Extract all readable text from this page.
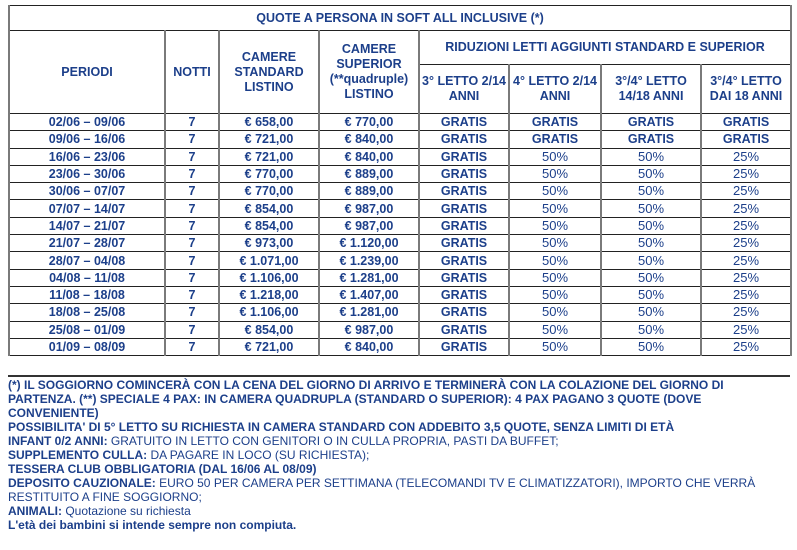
QUOTE A PERSONA IN SOFT ALL INCLUSIVE (*)							
PERIODI	NOTTI	CAMERE STANDARD LISTINO	CAMERE SUPERIOR (**quadruple) LISTINO	RIDUZIONI LETTI AGGIUNTI STANDARD E SUPERIOR			
				3° LETTO 2/14 ANNI	4° LETTO 2/14 ANNI	3°/4° LETTO 14/18 ANNI	3°/4° LETTO DAI 18 ANNI
02/06 – 09/06	7	€ 658,00	€ 770,00	GRATIS	GRATIS	GRATIS	GRATIS
09/06 – 16/06	7	€ 721,00	€ 840,00	GRATIS	GRATIS	GRATIS	GRATIS
16/06 – 23/06	7	€ 721,00	€ 840,00	GRATIS	50%	50%	25%
23/06 – 30/06	7	€ 770,00	€ 889,00	GRATIS	50%	50%	25%
30/06 – 07/07	7	€ 770,00	€ 889,00	GRATIS	50%	50%	25%
07/07 – 14/07	7	€ 854,00	€ 987,00	GRATIS	50%	50%	25%
14/07 – 21/07	7	€ 854,00	€ 987,00	GRATIS	50%	50%	25%
21/07 – 28/07	7	€ 973,00	€ 1.120,00	GRATIS	50%	50%	25%
28/07 – 04/08	7	€ 1.071,00	€ 1.239,00	GRATIS	50%	50%	25%
04/08 – 11/08	7	€ 1.106,00	€ 1.281,00	GRATIS	50%	50%	25%
11/08 – 18/08	7	€ 1.218,00	€ 1.407,00	GRATIS	50%	50%	25%
18/08 – 25/08	7	€ 1.106,00	€ 1.281,00	GRATIS	50%	50%	25%
25/08 – 01/09	7	€ 854,00	€ 987,00	GRATIS	50%	50%	25%
01/09 – 08/09	7	€ 721,00	€ 840,00	GRATIS	50%	50%	25%

(*) IL SOGGIORNO COMINCERÀ CON LA CENA DEL GIORNO DI ARRIVO E TERMINERÀ CON LA COLAZIONE DEL GIORNO DI PARTENZA. (**) SPECIALE 4 PAX: IN CAMERA QUADRUPLA (STANDARD O SUPERIOR): 4 PAX PAGANO 3 QUOTE (DOVE CONVENIENTE)

POSSIBILITA' DI 5° LETTO SU RICHIESTA IN CAMERA STANDARD CON ADDEBITO 3,5 QUOTE, SENZA LIMITI DI ETÀ

INFANT 0/2 ANNI: GRATUITO IN LETTO CON GENITORI O IN CULLA PROPRIA, PASTI DA BUFFET;

SUPPLEMENTO CULLA: DA PAGARE IN LOCO (SU RICHIESTA);

TESSERA CLUB OBBLIGATORIA (DAL 16/06 AL 08/09)

DEPOSITO CAUZIONALE: EURO 50 PER CAMERA PER SETTIMANA (TELECOMANDI TV E CLIMATIZZATORI), IMPORTO CHE VERRÀ RESTITUITO A FINE SOGGIORNO;

ANIMALI: Quotazione su richiesta

L'età dei bambini si intende sempre non compiuta.
